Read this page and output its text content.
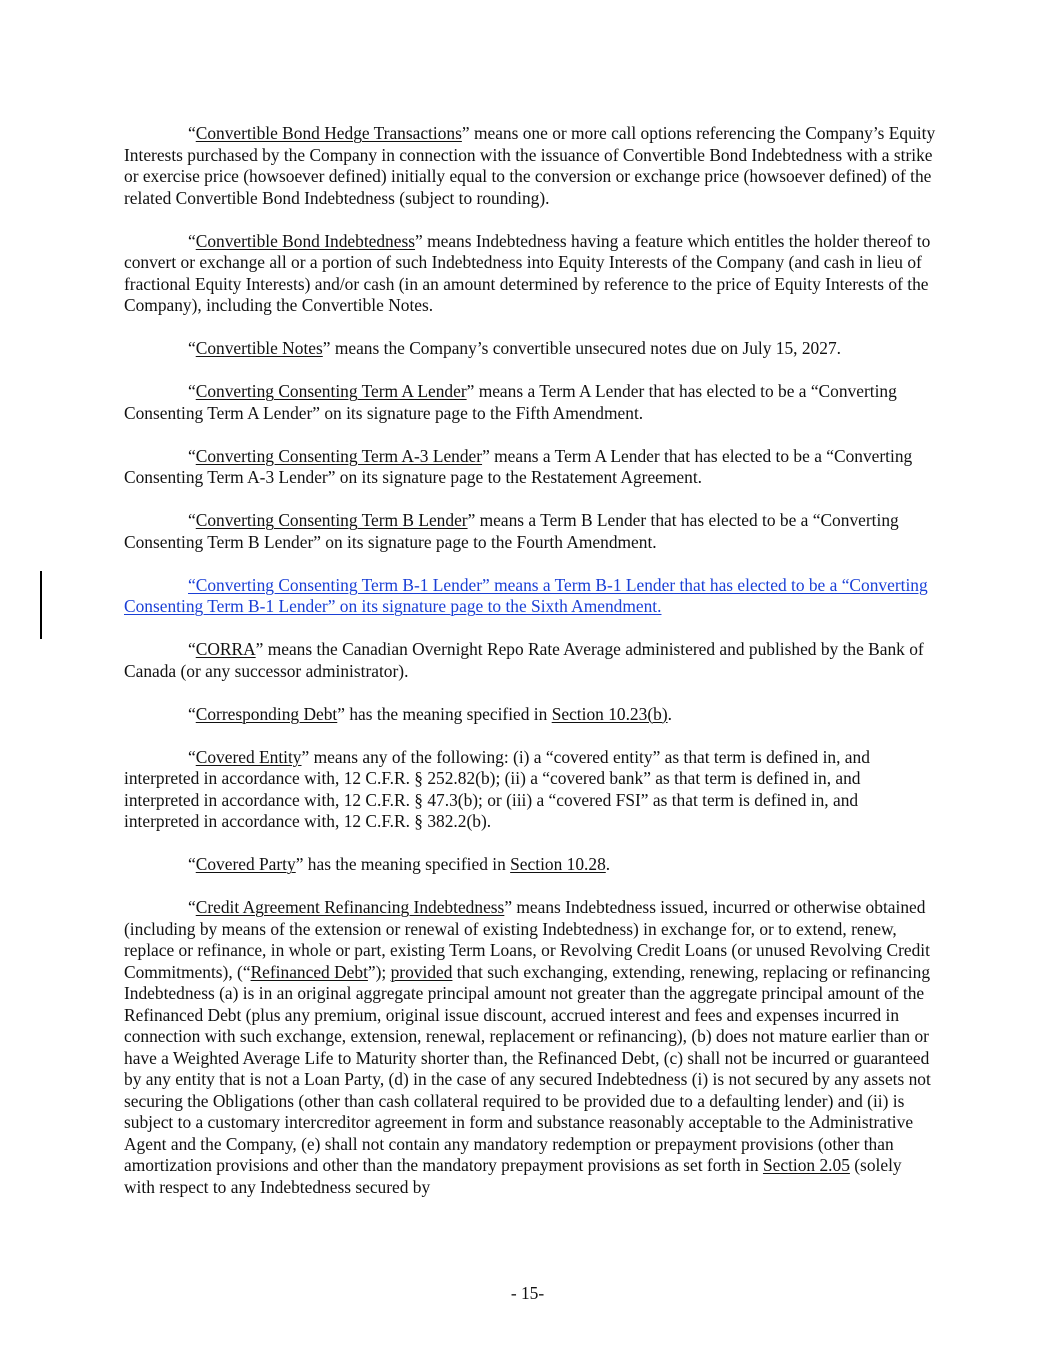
“Convertible Bond Hedge Transactions” means one or more call options referencing the Company’s Equity Interests purchased by the Company in connection with the issuance of Convertible Bond Indebtedness with a strike or exercise price (howsoever defined) initially equal to the conversion or exchange price (howsoever defined) of the related Convertible Bond Indebtedness (subject to rounding).

“Convertible Bond Indebtedness” means Indebtedness having a feature which entitles the holder thereof to convert or exchange all or a portion of such Indebtedness into Equity Interests of the Company (and cash in lieu of fractional Equity Interests) and/or cash (in an amount determined by reference to the price of Equity Interests of the Company), including the Convertible Notes.

“Convertible Notes” means the Company’s convertible unsecured notes due on July 15, 2027.

“Converting Consenting Term A Lender” means a Term A Lender that has elected to be a “Converting Consenting Term A Lender” on its signature page to the Fifth Amendment.

“Converting Consenting Term A-3 Lender” means a Term A Lender that has elected to be a “Converting Consenting Term A-3 Lender” on its signature page to the Restatement Agreement.

“Converting Consenting Term B Lender” means a Term B Lender that has elected to be a “Converting Consenting Term B Lender” on its signature page to the Fourth Amendment.

“Converting Consenting Term B-1 Lender” means a Term B-1 Lender that has elected to be a “Converting Consenting Term B-1 Lender” on its signature page to the Sixth Amendment.

“CORRA” means the Canadian Overnight Repo Rate Average administered and published by the Bank of Canada (or any successor administrator).

“Corresponding Debt” has the meaning specified in Section 10.23(b).

“Covered Entity” means any of the following: (i) a “covered entity” as that term is defined in, and interpreted in accordance with, 12 C.F.R. § 252.82(b); (ii) a “covered bank” as that term is defined in, and interpreted in accordance with, 12 C.F.R. § 47.3(b); or (iii) a “covered FSI” as that term is defined in, and interpreted in accordance with, 12 C.F.R. § 382.2(b).

“Covered Party” has the meaning specified in Section 10.28.

“Credit Agreement Refinancing Indebtedness” means Indebtedness issued, incurred or otherwise obtained (including by means of the extension or renewal of existing Indebtedness) in exchange for, or to extend, renew, replace or refinance, in whole or part, existing Term Loans, or Revolving Credit Loans (or unused Revolving Credit Commitments), (“Refinanced Debt”); provided that such exchanging, extending, renewing, replacing or refinancing Indebtedness (a) is in an original aggregate principal amount not greater than the aggregate principal amount of the Refinanced Debt (plus any premium, original issue discount, accrued interest and fees and expenses incurred in connection with such exchange, extension, renewal, replacement or refinancing), (b) does not mature earlier than or have a Weighted Average Life to Maturity shorter than, the Refinanced Debt, (c) shall not be incurred or guaranteed by any entity that is not a Loan Party, (d) in the case of any secured Indebtedness (i) is not secured by any assets not securing the Obligations (other than cash collateral required to be provided due to a defaulting lender) and (ii) is subject to a customary intercreditor agreement in form and substance reasonably acceptable to the Administrative Agent and the Company, (e) shall not contain any mandatory redemption or prepayment provisions (other than amortization provisions and other than the mandatory prepayment provisions as set forth in Section 2.05 (solely with respect to any Indebtedness secured by

- 15-
